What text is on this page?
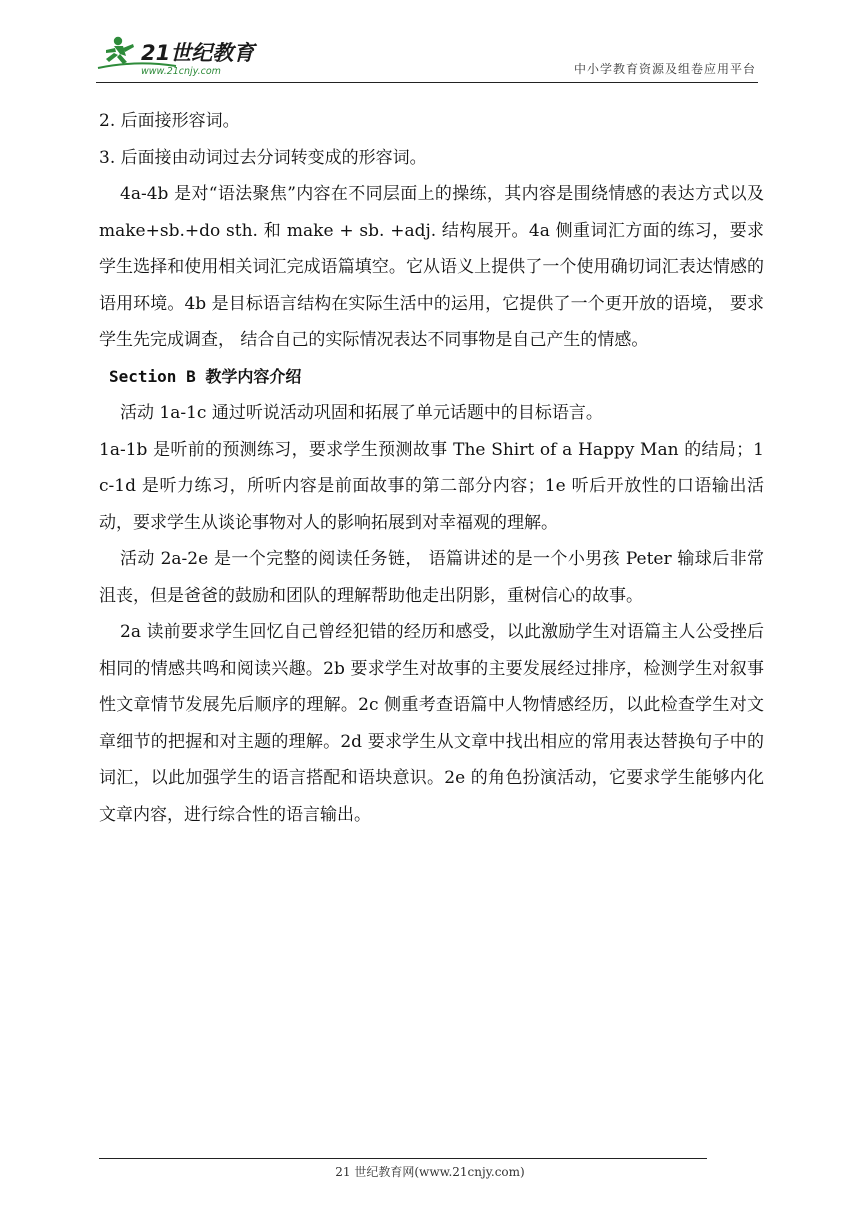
21世纪教育
www.21cnjy.com	中小学教育资源及组卷应用平台

2. 后面接形容词。

3. 后面接由动词过去分词转变成的形容词。

4a-4b 是对“语法聚焦”内容在不同层面上的操练，其内容是围绕情感的表达方式以及 make+sb.+do sth. 和 make + sb. +adj. 结构展开。4a 侧重词汇方面的练习，要求学生选择和使用相关词汇完成语篇填空。它从语义上提供了一个使用确切词汇表达情感的语用环境。4b 是目标语言结构在实际生活中的运用，它提供了一个更开放的语境， 要求学生先完成调查， 结合自己的实际情况表达不同事物是自己产生的情感。

Section B 教学内容介绍

活动 1a-1c 通过听说活动巩固和拓展了单元话题中的目标语言。

1a-1b 是听前的预测练习，要求学生预测故事 The Shirt of a Happy Man 的结局；1c-1d 是听力练习，所听内容是前面故事的第二部分内容；1e 听后开放性的口语输出活动，要求学生从谈论事物对人的影响拓展到对幸福观的理解。

活动 2a-2e 是一个完整的阅读任务链， 语篇讲述的是一个小男孩 Peter 输球后非常沮丧，但是爸爸的鼓励和团队的理解帮助他走出阴影，重树信心的故事。

2a 读前要求学生回忆自己曾经犯错的经历和感受，以此激励学生对语篇主人公受挫后相同的情感共鸣和阅读兴趣。2b 要求学生对故事的主要发展经过排序，检测学生对叙事性文章情节发展先后顺序的理解。2c 侧重考查语篇中人物情感经历，以此检查学生对文章细节的把握和对主题的理解。2d 要求学生从文章中找出相应的常用表达替换句子中的词汇，以此加强学生的语言搭配和语块意识。2e 的角色扮演活动，它要求学生能够内化文章内容，进行综合性的语言输出。

21 世纪教育网(www.21cnjy.com)
